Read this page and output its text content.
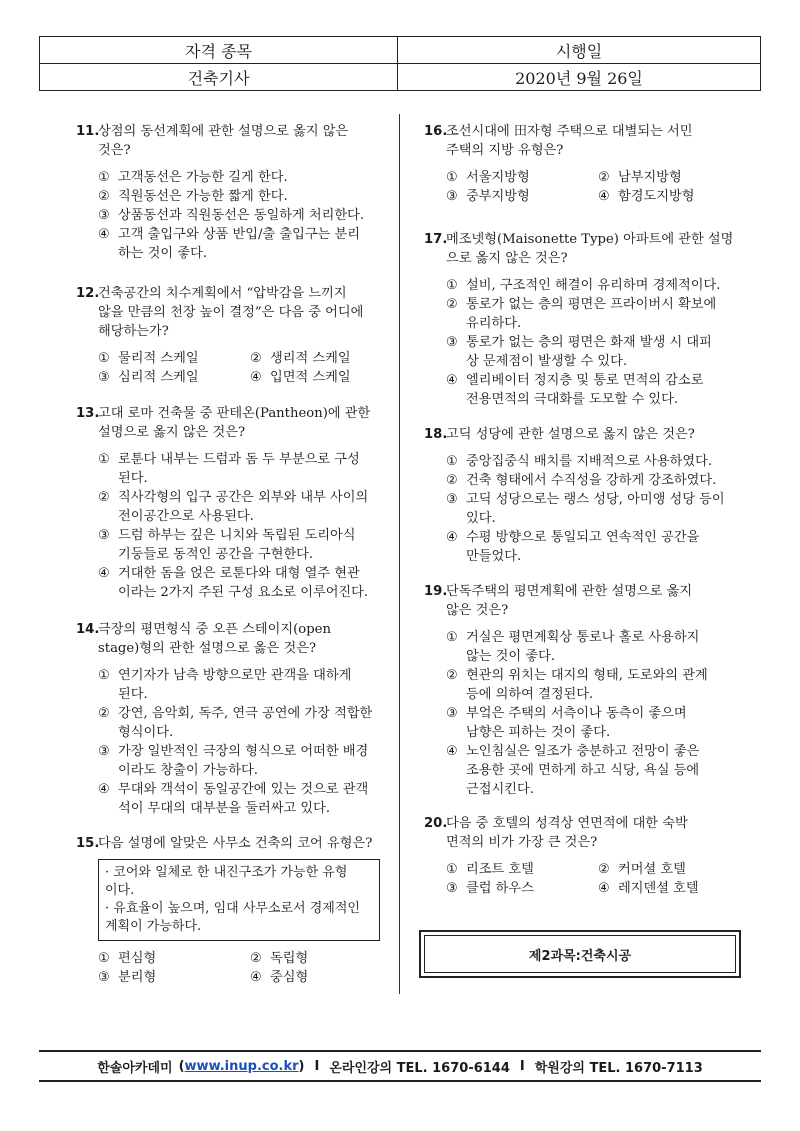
자격 종목	시행일
건축기사	2020년 9월 26일
11.
상점의 동선계획에 관한 설명으로 옳지 않은
것은?
① 고객동선은 가능한 길게 한다.
② 직원동선은 가능한 짧게 한다.
③ 상품동선과 직원동선은 동일하게 처리한다.
④ 고객 출입구와 상품 반입/출 출입구는 분리
하는 것이 좋다.
12.
건축공간의 치수계획에서 “압박감을 느끼지
않을 만큼의 천장 높이 결정”은 다음 중 어디에
해당하는가?
① 물리적 스케일	② 생리적 스케일
③ 심리적 스케일	④ 입면적 스케일
13.
고대 로마 건축물 중 판테온(Pantheon)에 관한
설명으로 옳지 않은 것은?
① 로툰다 내부는 드럼과 돔 두 부분으로 구성
된다.
② 직사각형의 입구 공간은 외부와 내부 사이의
전이공간으로 사용된다.
③ 드럼 하부는 깊은 니치와 독립된 도리아식
기둥들로 동적인 공간을 구현한다.
④ 거대한 돔을 얹은 로툰다와 대형 열주 현관
이라는 2가지 주된 구성 요소로 이루어진다.
14.
극장의 평면형식 중 오픈 스테이지(open
stage)형의 관한 설명으로 옳은 것은?
① 연기자가 남측 방향으로만 관객을 대하게
된다.
② 강연, 음악회, 독주, 연극 공연에 가장 적합한
형식이다.
③ 가장 일반적인 극장의 형식으로 어떠한 배경
이라도 창출이 가능하다.
④ 무대와 객석이 동일공간에 있는 것으로 관객
석이 무대의 대부분을 둘러싸고 있다.
15.
다음 설명에 알맞은 사무소 건축의 코어 유형은?
· 코어와 일체로 한 내진구조가 가능한 유형
이다.
· 유효율이 높으며, 임대 사무소로서 경제적인
계획이 가능하다.
① 편심형	② 독립형
③ 분리형	④ 중심형
16.
조선시대에 田자형 주택으로 대별되는 서민
주택의 지방 유형은?
① 서울지방형	② 남부지방형
③ 중부지방형	④ 함경도지방형
17.
메조넷형(Maisonette Type) 아파트에 관한 설명
으로 옳지 않은 것은?
① 설비, 구조적인 해결이 유리하며 경제적이다.
② 통로가 없는 층의 평면은 프라이버시 확보에
유리하다.
③ 통로가 없는 층의 평면은 화재 발생 시 대피
상 문제점이 발생할 수 있다.
④ 엘리베이터 정지층 및 통로 면적의 감소로
전용면적의 극대화를 도모할 수 있다.
18.
고딕 성당에 관한 설명으로 옳지 않은 것은?
① 중앙집중식 배치를 지배적으로 사용하였다.
② 건축 형태에서 수직성을 강하게 강조하였다.
③ 고딕 성당으로는 랭스 성당, 아미앵 성당 등이
있다.
④ 수평 방향으로 통일되고 연속적인 공간을
만들었다.
19.
단독주택의 평면계획에 관한 설명으로 옳지
않은 것은?
① 거실은 평면계획상 통로나 홀로 사용하지
않는 것이 좋다.
② 현관의 위치는 대지의 형태, 도로와의 관계
등에 의하여 결정된다.
③ 부엌은 주택의 서측이나 동측이 좋으며
남향은 피하는 것이 좋다.
④ 노인침실은 일조가 충분하고 전망이 좋은
조용한 곳에 면하게 하고 식당, 욕실 등에
근접시킨다.
20.
다음 중 호텔의 성격상 연면적에 대한 숙박
면적의 비가 가장 큰 것은?
① 리조트 호텔	② 커머셜 호텔
③ 클럽 하우스	④ 레지덴셜 호텔
제2과목:건축시공
한솔아카데미 ( www.inup.co.kr ) I 온라인강의 TEL. 1670-6144 I 학원강의 TEL. 1670-7113
